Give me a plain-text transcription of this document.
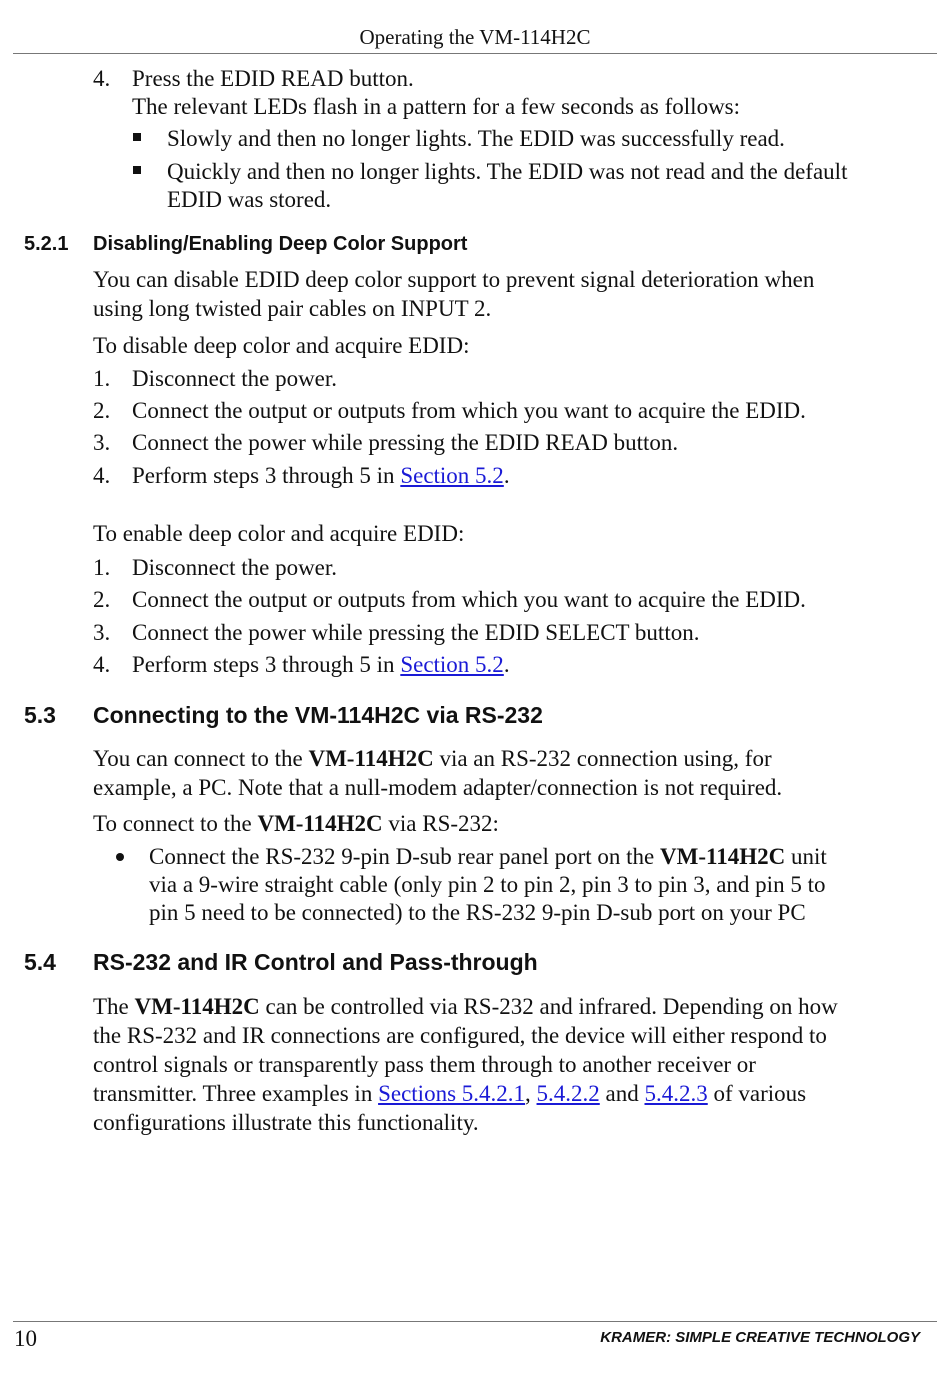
Operating the VM-114H2C
4. Press the EDID READ button.
The relevant LEDs flash in a pattern for a few seconds as follows:
Slowly and then no longer lights. The EDID was successfully read.
Quickly and then no longer lights. The EDID was not read and the default
EDID was stored.
5.2.1 Disabling/Enabling Deep Color Support
You can disable EDID deep color support to prevent signal deterioration when
using long twisted pair cables on INPUT 2.
To disable deep color and acquire EDID:
1. Disconnect the power.
2. Connect the output or outputs from which you want to acquire the EDID.
3. Connect the power while pressing the EDID READ button.
4. Perform steps 3 through 5 in Section 5.2.
To enable deep color and acquire EDID:
1. Disconnect the power.
2. Connect the output or outputs from which you want to acquire the EDID.
3. Connect the power while pressing the EDID SELECT button.
4. Perform steps 3 through 5 in Section 5.2.
5.3 Connecting to the VM-114H2C via RS-232
You can connect to the VM-114H2C via an RS-232 connection using, for
example, a PC. Note that a null-modem adapter/connection is not required.
To connect to the VM-114H2C via RS-232:
Connect the RS-232 9-pin D-sub rear panel port on the VM-114H2C unit
via a 9-wire straight cable (only pin 2 to pin 2, pin 3 to pin 3, and pin 5 to
pin 5 need to be connected) to the RS-232 9-pin D-sub port on your PC
5.4 RS-232 and IR Control and Pass-through
The VM-114H2C can be controlled via RS-232 and infrared. Depending on how
the RS-232 and IR connections are configured, the device will either respond to
control signals or transparently pass them through to another receiver or
transmitter. Three examples in Sections 5.4.2.1, 5.4.2.2 and 5.4.2.3 of various
configurations illustrate this functionality.
10	KRAMER: SIMPLE CREATIVE TECHNOLOGY
